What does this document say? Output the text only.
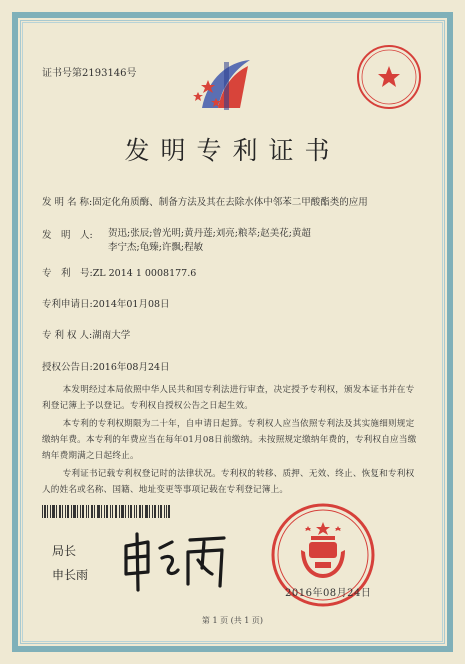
证书号第2193146号
发明专利证书
发 明 名 称:固定化角质酶、制备方法及其在去除水体中邻苯二甲酸酯类的应用
发　明　人: 贺迅;张辰;曾光明;黄丹莲;刘亮;粮萃;赵美花;黄超
李宁杰;龟臻;许飘;程敏
专　利　号:ZL 2014 1 0008177.6
专利申请日:2014年01月08日
专 利 权 人:湖南大学
授权公告日:2016年08月24日
本发明经过本局依照中华人民共和国专利法进行审查，决定授予专利权，颁发本证书并在专利登记簿上予以登记。专利权自授权公告之日起生效。
本专利的专利权期限为二十年，自申请日起算。专利权人应当依照专利法及其实施细则规定缴纳年费。本专利的年费应当在每年01月08日前缴纳。未按照规定缴纳年费的，专利权自应当缴纳年费期满之日起终止。
专利证书记载专利权登记时的法律状况。专利权的转移、质押、无效、终止、恢复和专利权人的姓名或名称、国籍、地址变更等事项记载在专利登记簿上。
局长
申长雨
2016年08月24日
第 1 页 (共 1 页)
